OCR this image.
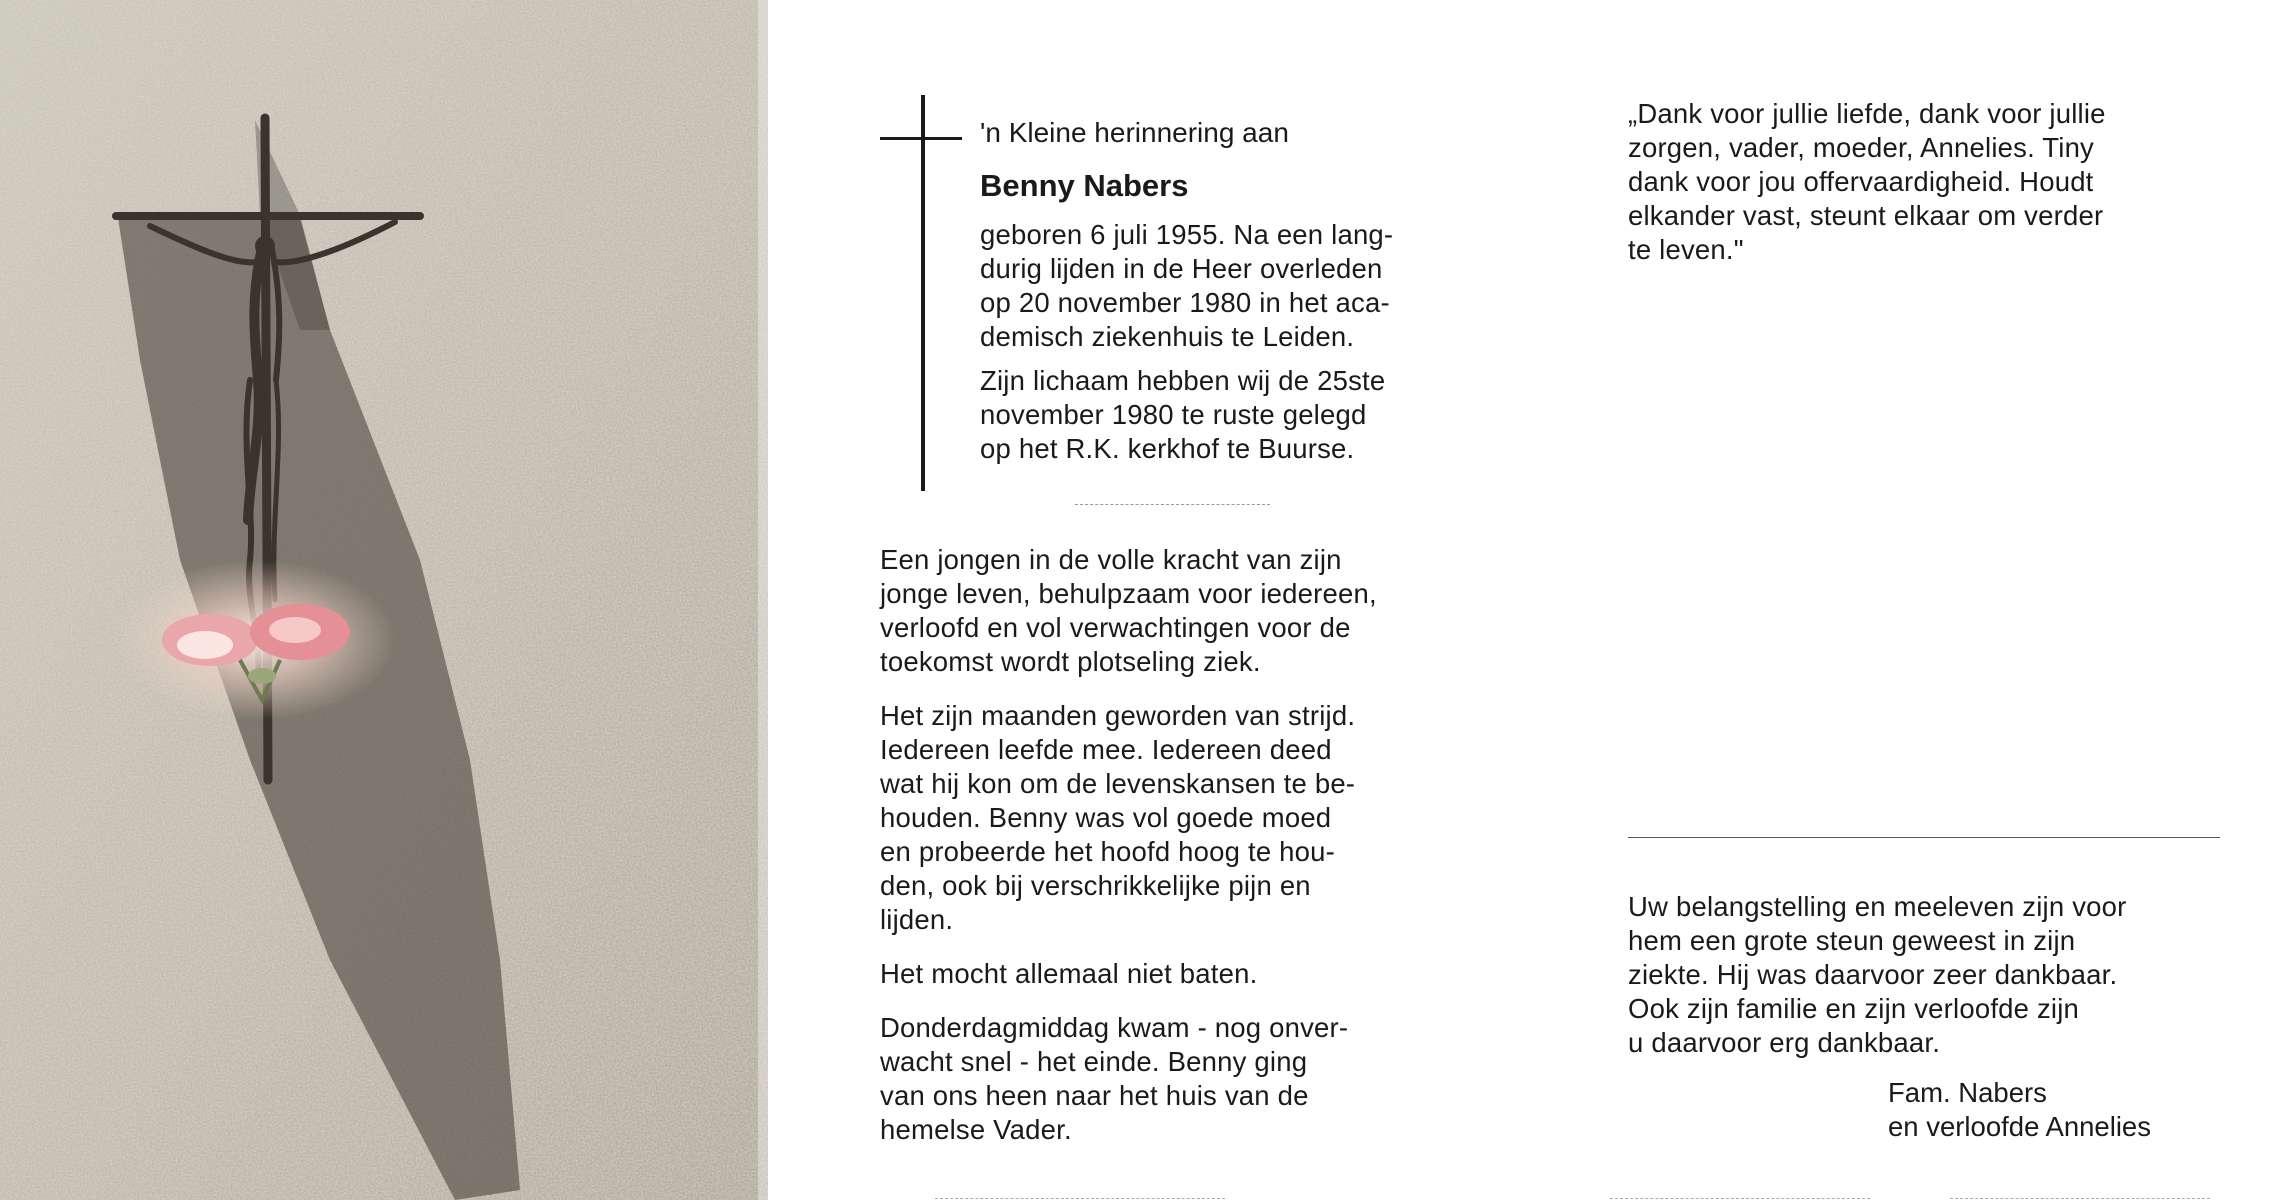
'n Kleine herinnering aan
Benny Nabers

geboren 6 juli 1955. Na een lang-
durig lijden in de Heer overleden
op 20 november 1980 in het aca-
demisch ziekenhuis te Leiden.

Zijn lichaam hebben wij de 25ste
november 1980 te ruste gelegd
op het R.K. kerkhof te Buurse.

Een jongen in de volle kracht van zijn
jonge leven, behulpzaam voor iedereen,
verloofd en vol verwachtingen voor de
toekomst wordt plotseling ziek.

Het zijn maanden geworden van strijd.
Iedereen leefde mee. Iedereen deed
wat hij kon om de levenskansen te be-
houden. Benny was vol goede moed
en probeerde het hoofd hoog te hou-
den, ook bij verschrikkelijke pijn en
lijden.

Het mocht allemaal niet baten.

Donderdagmiddag kwam - nog onver-
wacht snel - het einde. Benny ging
van ons heen naar het huis van de
hemelse Vader.

„Dank voor jullie liefde, dank voor jullie
zorgen, vader, moeder, Annelies. Tiny
dank voor jou offervaardigheid. Houdt
elkander vast, steunt elkaar om verder
te leven."

Uw belangstelling en meeleven zijn voor
hem een grote steun geweest in zijn
ziekte. Hij was daarvoor zeer dankbaar.
Ook zijn familie en zijn verloofde zijn
u daarvoor erg dankbaar.

Fam. Nabers
en verloofde Annelies
